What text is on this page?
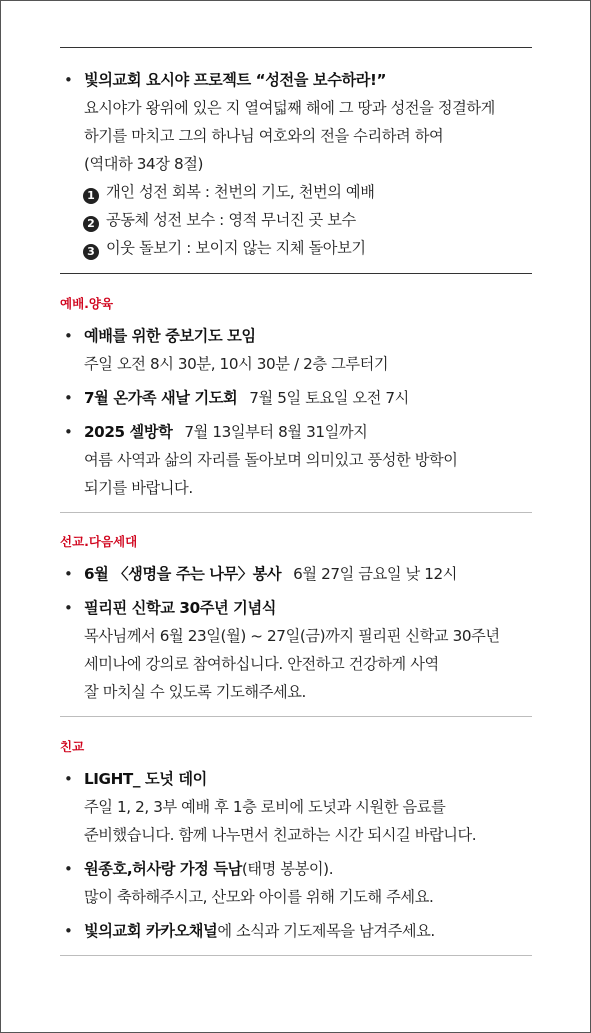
• 빛의교회 요시야 프로젝트 “성전을 보수하라!”
요시야가 왕위에 있은 지 열여덟째 해에 그 땅과 성전을 정결하게
하기를 마치고 그의 하나님 여호와의 전을 수리하려 하여
(역대하 34장 8절)
1 개인 성전 회복 : 천번의 기도, 천번의 예배
2 공동체 성전 보수 : 영적 무너진 곳 보수
3 이웃 돌보기 : 보이지 않는 지체 돌아보기
예배.양육
• 예배를 위한 중보기도 모임
주일 오전 8시 30분, 10시 30분 / 2층 그루터기
• 7월 온가족 새날 기도회 7월 5일 토요일 오전 7시
• 2025 셀방학 7월 13일부터 8월 31일까지
여름 사역과 삶의 자리를 돌아보며 의미있고 풍성한 방학이
되기를 바랍니다.
선교.다음세대
• 6월 〈생명을 주는 나무〉봉사 6월 27일 금요일 낮 12시
• 필리핀 신학교 30주년 기념식
목사님께서 6월 23일(월) ~ 27일(금)까지 필리핀 신학교 30주년
세미나에 강의로 참여하십니다. 안전하고 건강하게 사역
잘 마치실 수 있도록 기도해주세요.
친교
• LIGHT_ 도넛 데이
주일 1, 2, 3부 예배 후 1층 로비에 도넛과 시원한 음료를
준비했습니다. 함께 나누면서 친교하는 시간 되시길 바랍니다.
• 원종호,허사랑 가정 득남(태명 봉봉이).
많이 축하해주시고, 산모와 아이를 위해 기도해 주세요.
• 빛의교회 카카오채널에 소식과 기도제목을 남겨주세요.
